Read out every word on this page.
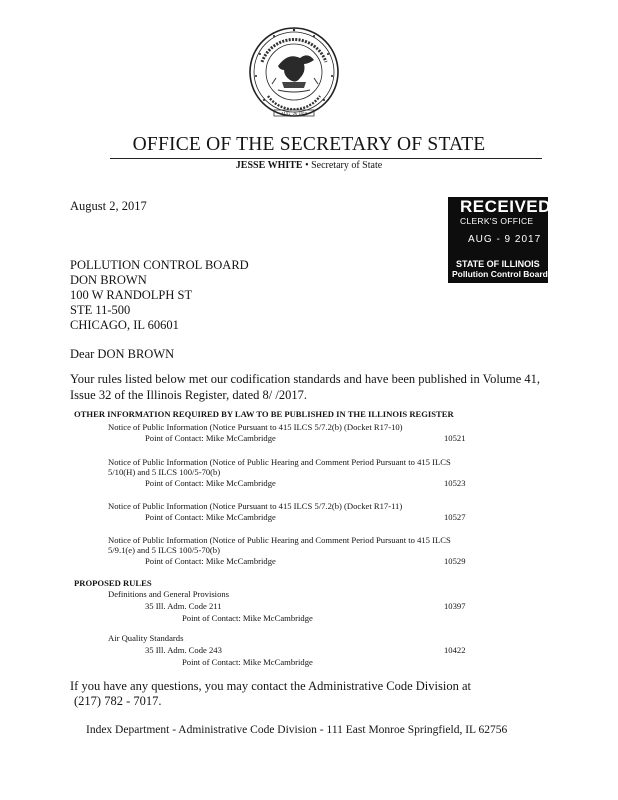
AUG. 26 1818
OFFICE OF THE SECRETARY OF STATE
JESSE WHITE • Secretary of State
August 2, 2017	RECEIVED
CLERK'S OFFICE
AUG - 9 2017
STATE OF ILLINOIS
Pollution Control Board
POLLUTION CONTROL BOARD
DON BROWN
100 W RANDOLPH ST
STE 11-500
CHICAGO, IL 60601
Dear DON BROWN
Your rules listed below met our codification standards and have been published in Volume 41,
Issue 32 of the Illinois Register, dated 8/ /2017.
OTHER INFORMATION REQUIRED BY LAW TO BE PUBLISHED IN THE ILLINOIS REGISTER
Notice of Public Information (Notice Pursuant to 415 ILCS 5/7.2(b) (Docket R17-10)
Point of Contact: Mike McCambridge	10521
Notice of Public Information (Notice of Public Hearing and Comment Period Pursuant to 415 ILCS
5/10(H) and 5 ILCS 100/5-70(b)
Point of Contact: Mike McCambridge	10523
Notice of Public Information (Notice Pursuant to 415 ILCS 5/7.2(b) (Docket R17-11)
Point of Contact: Mike McCambridge	10527
Notice of Public Information (Notice of Public Hearing and Comment Period Pursuant to 415 ILCS
5/9.1(e) and 5 ILCS 100/5-70(b)
Point of Contact: Mike McCambridge	10529
PROPOSED RULES
Definitions and General Provisions
35 Ill. Adm. Code 211	10397
Point of Contact: Mike McCambridge
Air Quality Standards
35 Ill. Adm. Code 243	10422
Point of Contact: Mike McCambridge
If you have any questions, you may contact the Administrative Code Division at
(217) 782 - 7017.
Index Department - Administrative Code Division - 111 East Monroe Springfield, IL 62756
